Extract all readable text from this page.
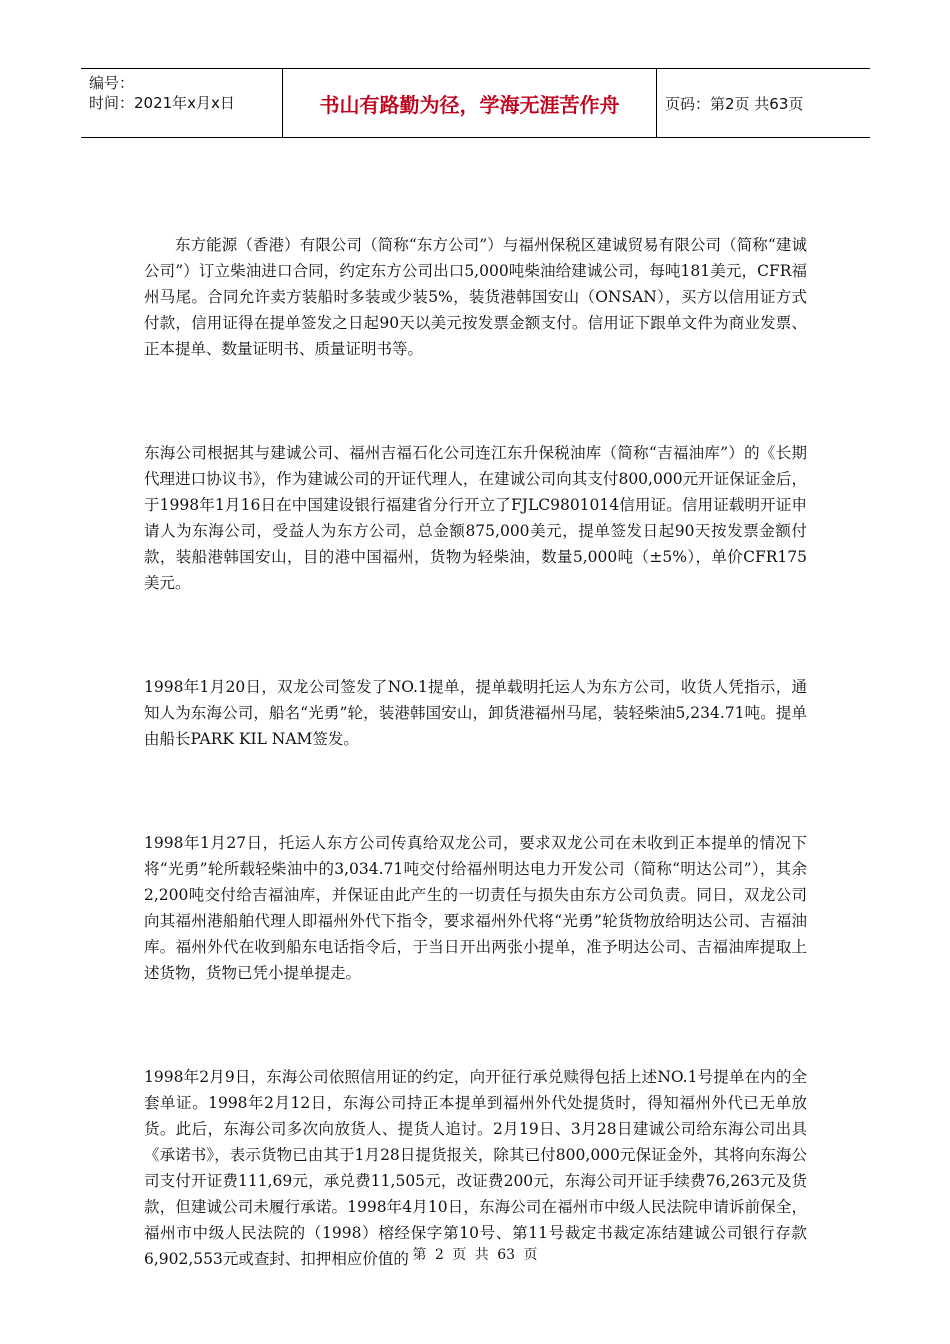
编号：
时间：2021年x月x日	书山有路勤为径，学海无涯苦作舟	页码：第2页 共63页

东方能源（香港）有限公司（简称“东方公司”）与福州保税区建诚贸易有限公司（简称“建诚公司”）订立柴油进口合同，约定东方公司出口5,000吨柴油给建诚公司，每吨181美元，CFR福州马尾。合同允许卖方装船时多装或少装5%，装货港韩国安山（ONSAN），买方以信用证方式付款，信用证得在提单签发之日起90天以美元按发票金额支付。信用证下跟单文件为商业发票、正本提单、数量证明书、质量证明书等。

东海公司根据其与建诚公司、福州吉福石化公司连江东升保税油库（简称“吉福油库”）的《长期代理进口协议书》，作为建诚公司的开证代理人，在建诚公司向其支付800,000元开证保证金后，于1998年1月16日在中国建设银行福建省分行开立了FJLC9801014信用证。信用证载明开证申请人为东海公司，受益人为东方公司，总金额875,000美元，提单签发日起90天按发票金额付款，装船港韩国安山，目的港中国福州，货物为轻柴油，数量5,000吨（±5%），单价CFR175美元。

1998年1月20日，双龙公司签发了NO.1提单，提单载明托运人为东方公司，收货人凭指示，通知人为东海公司，船名“光勇”轮，装港韩国安山，卸货港福州马尾，装轻柴油5,234.71吨。提单由船长PARK KIL NAM签发。

1998年1月27日，托运人东方公司传真给双龙公司，要求双龙公司在未收到正本提单的情况下将“光勇”轮所载轻柴油中的3,034.71吨交付给福州明达电力开发公司（简称“明达公司”），其余2,200吨交付给吉福油库，并保证由此产生的一切责任与损失由东方公司负责。同日，双龙公司向其福州港船舶代理人即福州外代下指令，要求福州外代将“光勇”轮货物放给明达公司、吉福油库。福州外代在收到船东电话指令后，于当日开出两张小提单，准予明达公司、吉福油库提取上述货物，货物已凭小提单提走。

1998年2月9日，东海公司依照信用证的约定，向开征行承兑赎得包括上述NO.1号提单在内的全套单证。1998年2月12日，东海公司持正本提单到福州外代处提货时，得知福州外代已无单放货。此后，东海公司多次向放货人、提货人追讨。2月19日、3月28日建诚公司给东海公司出具《承诺书》，表示货物已由其于1月28日提货报关，除其已付800,000元保证金外，其将向东海公司支付开证费111,69元，承兑费11,505元，改证费200元，东海公司开证手续费76,263元及货款，但建诚公司未履行承诺。1998年4月10日，东海公司在福州市中级人民法院申请诉前保全，福州市中级人民法院的（1998）榕经保字第10号、第11号裁定书裁定冻结建诚公司银行存款6,902,553元或查封、扣押相应价值的 第 2 页 共 63 页
